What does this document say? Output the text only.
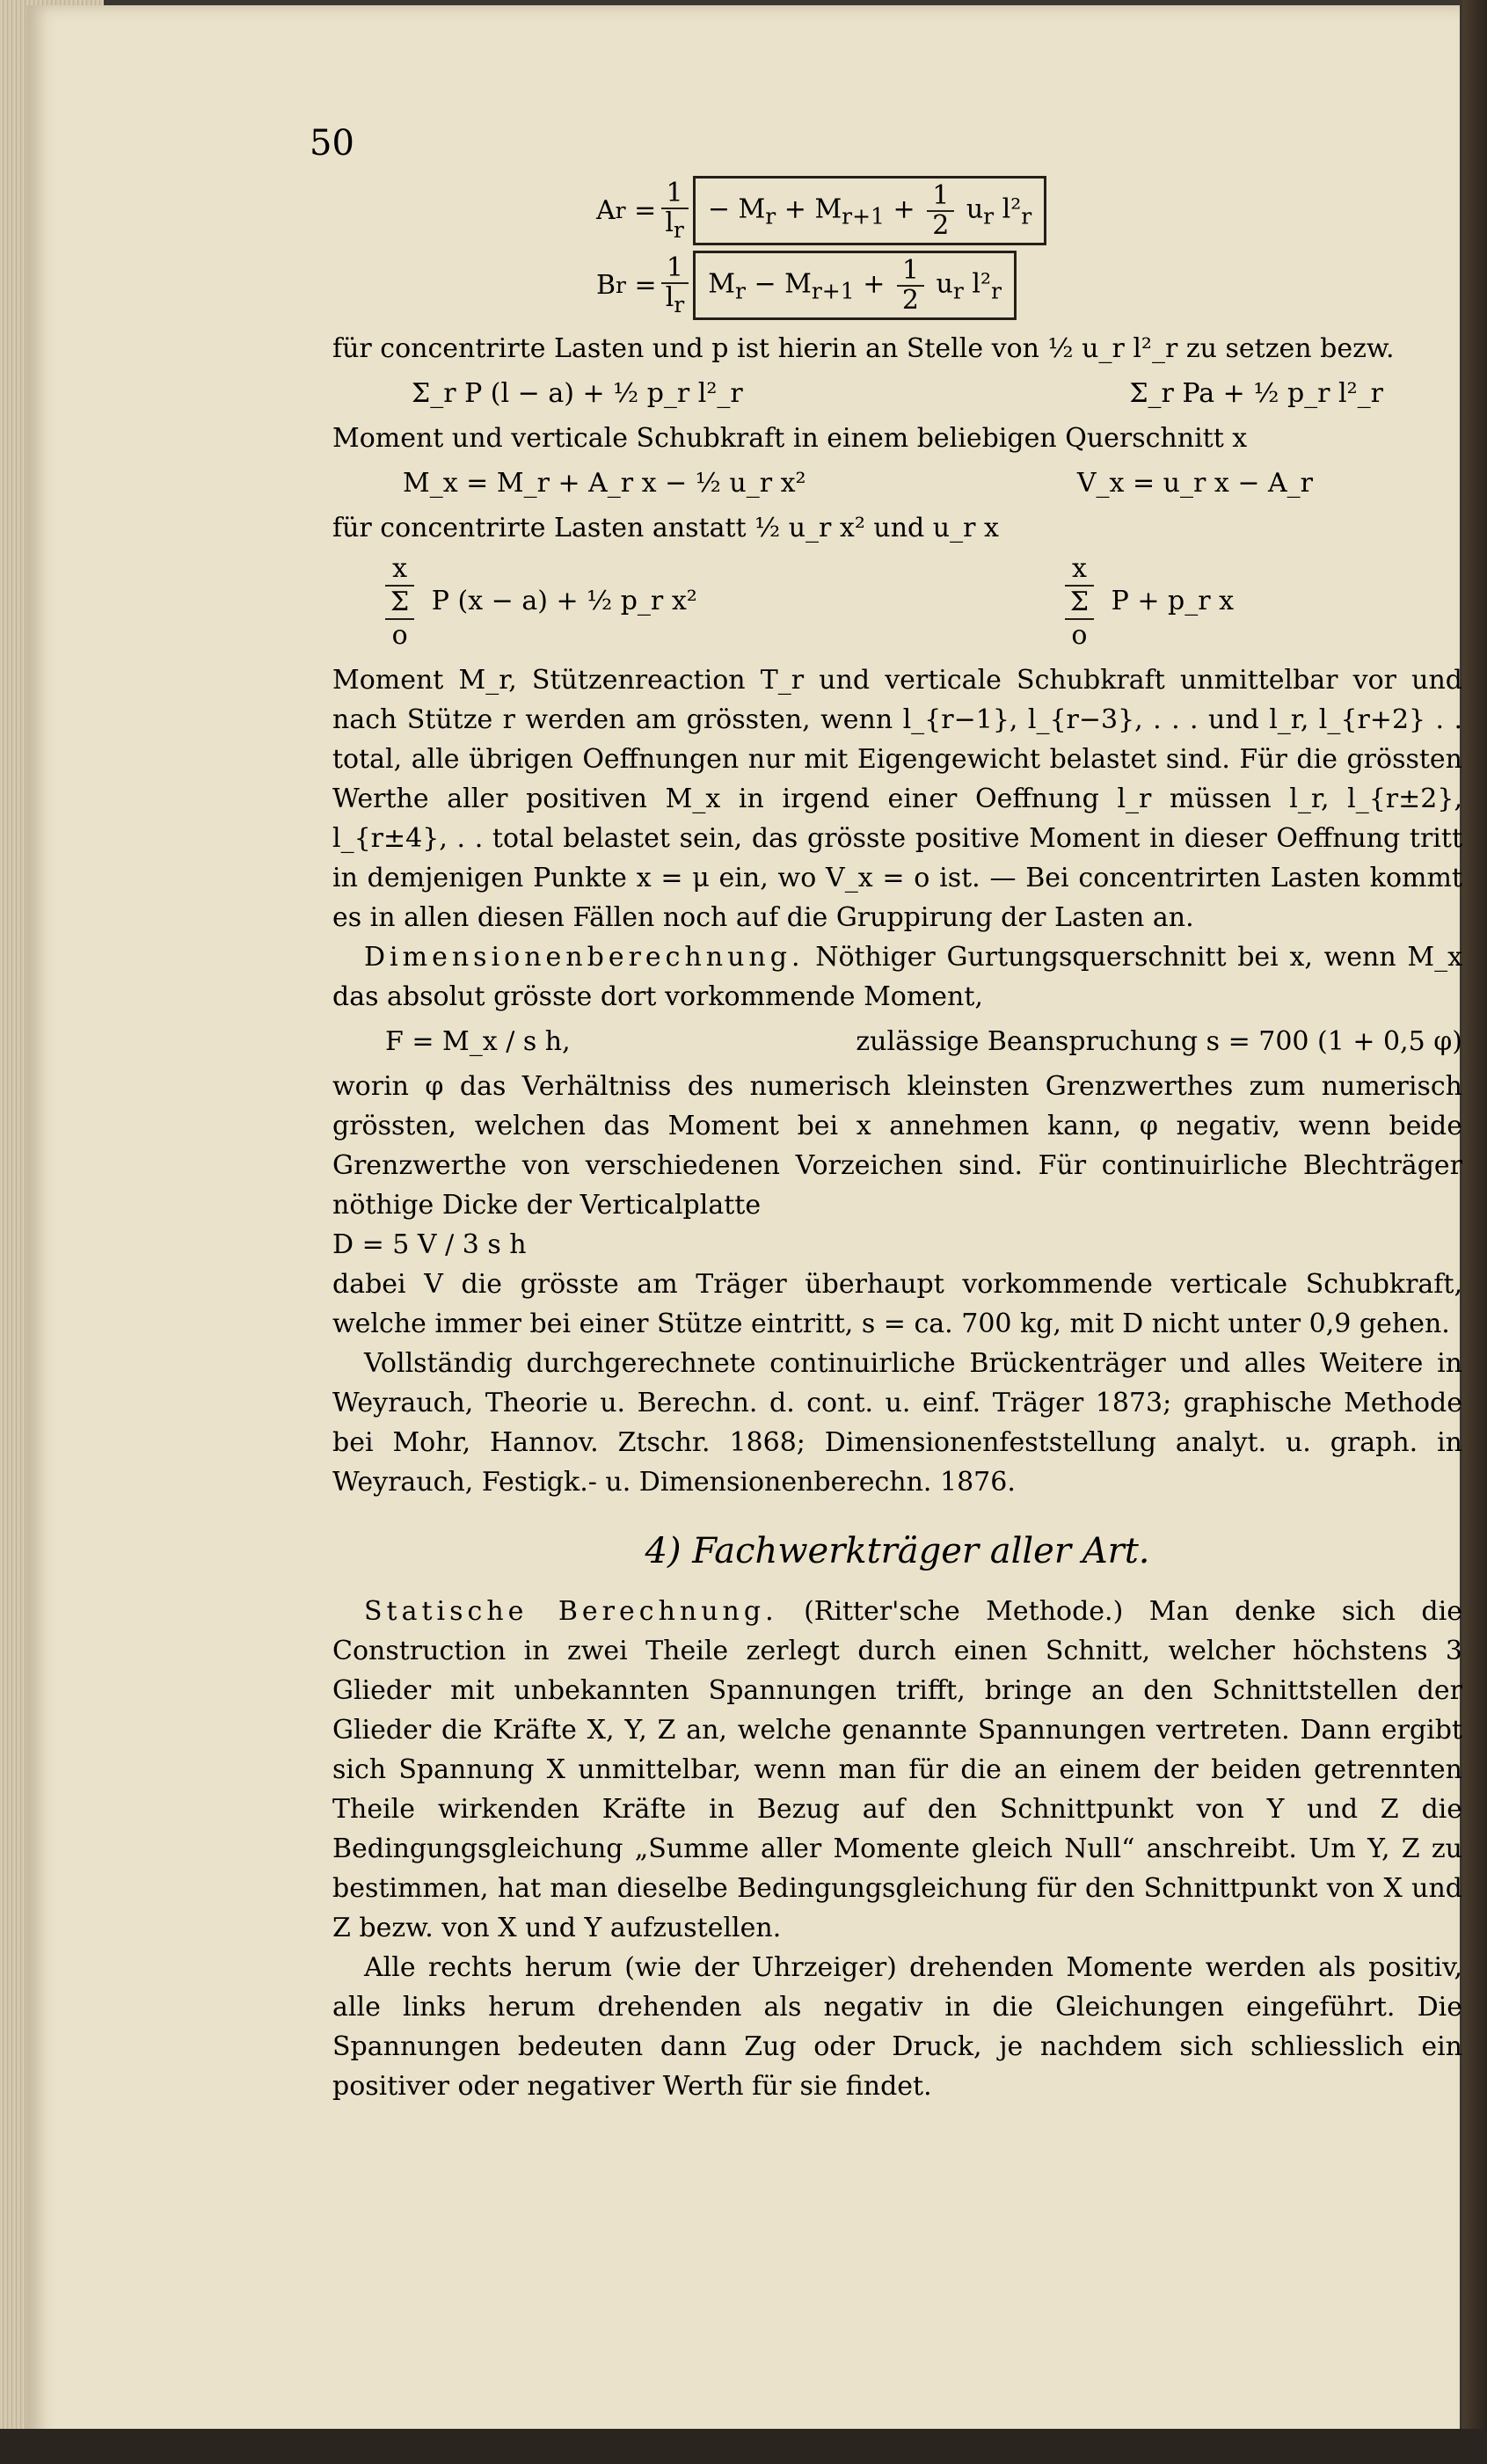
50
A r
= $\frac{1}{l_r} - M_r + M_{r+1} + \frac{1}{2} u_r$ $l^2_r$
B r
= $\frac{1}{l_r} M_r - M_{r+1} + \frac{1}{2} u_r$ $l^2_r$

für concentrirte Lasten und p ist hierin an Stelle von ½ u_r l²_r zu setzen bezw.

Σ_r P (l − a) + ½ p_r l²_r	Σ_r Pa + ½ p_r l²_r

Moment und verticale Schubkraft in einem beliebigen Querschnitt x

M_x = M_r + A_r x − ½ u_r x²	V_x = u_r x − A_r

für concentrirte Lasten anstatt ½ u_r x² und u_r x

x
Σ
o
P (x − a) + ½ p_r x²
x
Σ
o
P + p_r x

Moment M_r, Stützenreaction T_r und verticale Schubkraft unmittelbar vor und nach Stütze r werden am grössten, wenn l_{r−1}, l_{r−3}, . . . und l_r, l_{r+2} . . total, alle übrigen Oeffnungen nur mit Eigengewicht belastet sind. Für die grössten Werthe aller positiven M_x in irgend einer Oeffnung l_r müssen l_r, l_{r±2}, l_{r±4}, . . total belastet sein, das grösste positive Moment in dieser Oeffnung tritt in demjenigen Punkte x = μ ein, wo V_x = o ist. — Bei concentrirten Lasten kommt es in allen diesen Fällen noch auf die Gruppirung der Lasten an.

Dimensionenberechnung. Nöthiger Gurtungsquerschnitt bei x, wenn M_x das absolut grösste dort vorkommende Moment,

F = M_x / s h,	zulässige Beanspruchung s = 700 (1 + 0,5 φ)

worin φ das Verhältniss des numerisch kleinsten Grenzwerthes zum numerisch grössten, welchen das Moment bei x annehmen kann, φ negativ, wenn beide Grenzwerthe von verschiedenen Vorzeichen sind. Für continuirliche Blechträger nöthige Dicke der Verticalplatte

D = 5 V / 3 s h

dabei V die grösste am Träger überhaupt vorkommende verticale Schubkraft, welche immer bei einer Stütze eintritt, s = ca. 700 kg, mit D nicht unter 0,9 gehen.

Vollständig durchgerechnete continuirliche Brückenträger und alles Weitere in Weyrauch, Theorie u. Berechn. d. cont. u. einf. Träger 1873; graphische Methode bei Mohr, Hannov. Ztschr. 1868; Dimensionenfeststellung analyt. u. graph. in Weyrauch, Festigk.- u. Dimensionenberechn. 1876.

4) Fachwerkträger aller Art.

Statische Berechnung. (Ritter'sche Methode.) Man denke sich die Construction in zwei Theile zerlegt durch einen Schnitt, welcher höchstens 3 Glieder mit unbekannten Spannungen trifft, bringe an den Schnittstellen der Glieder die Kräfte X, Y, Z an, welche genannte Spannungen vertreten. Dann ergibt sich Spannung X unmittelbar, wenn man für die an einem der beiden getrennten Theile wirkenden Kräfte in Bezug auf den Schnittpunkt von Y und Z die Bedingungsgleichung „Summe aller Momente gleich Null“ anschreibt. Um Y, Z zu bestimmen, hat man dieselbe Bedingungsgleichung für den Schnittpunkt von X und Z bezw. von X und Y aufzustellen.

Alle rechts herum (wie der Uhrzeiger) drehenden Momente werden als positiv, alle links herum drehenden als negativ in die Gleichungen eingeführt. Die Spannungen bedeuten dann Zug oder Druck, je nachdem sich schliesslich ein positiver oder negativer Werth für sie findet.
